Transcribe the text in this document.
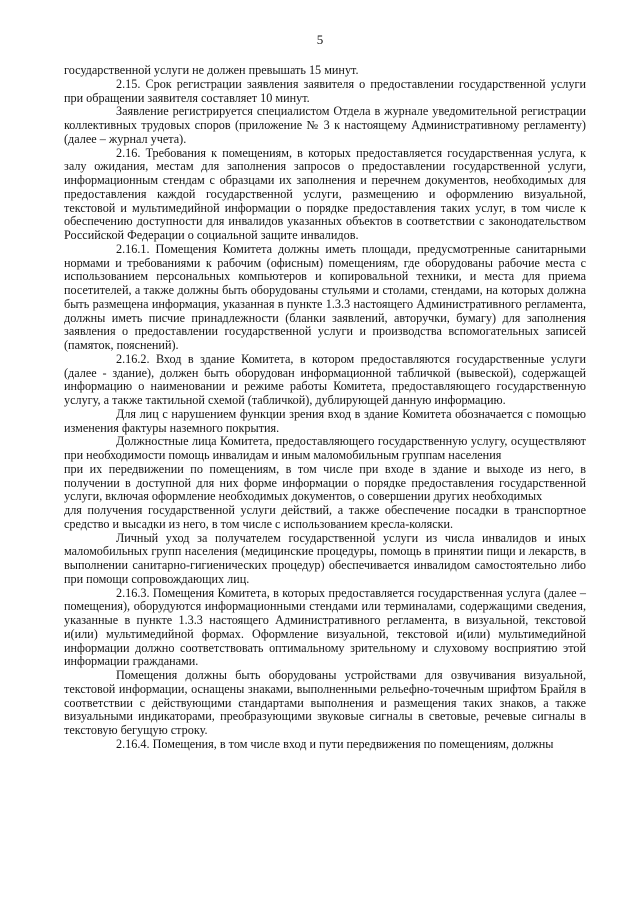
5

государственной услуги не должен превышать 15 минут.

2.15. Срок регистрации заявления заявителя о предоставлении государственной услуги при обращении заявителя составляет 10 минут.

Заявление регистрируется специалистом Отдела в журнале уведомительной регистрации коллективных трудовых споров (приложение № 3 к настоящему Административному регламенту) (далее – журнал учета).

2.16. Требования к помещениям, в которых предоставляется государственная услуга, к залу ожидания, местам для заполнения запросов о предоставлении государственной услуги, информационным стендам с образцами их заполнения и перечнем документов, необходимых для предоставления каждой государственной услуги, размещению и оформлению визуальной, текстовой и мультимедийной информации о порядке предоставления таких услуг, в том числе к обеспечению доступности для инвалидов указанных объектов в соответствии с законодательством Российской Федерации о социальной защите инвалидов.

2.16.1. Помещения Комитета должны иметь площади, предусмотренные санитарными нормами и требованиями к рабочим (офисным) помещениям, где оборудованы рабочие места с использованием персональных компьютеров и копировальной техники, и места для приема посетителей, а также должны быть оборудованы стульями и столами, стендами, на которых должна быть размещена информация, указанная в пункте 1.3.3 настоящего Административного регламента, должны иметь писчие принадлежности (бланки заявлений, авторучки, бумагу) для заполнения заявления о предоставлении государственной услуги и производства вспомогательных записей (памяток, пояснений).

2.16.2. Вход в здание Комитета, в котором предоставляются государственные услуги (далее - здание), должен быть оборудован информационной табличкой (вывеской), содержащей информацию о наименовании и режиме работы Комитета, предоставляющего государственную услугу, а также тактильной схемой (табличкой), дублирующей данную информацию.

Для лиц с нарушением функции зрения вход в здание Комитета обозначается с помощью изменения фактуры наземного покрытия.

Должностные лица Комитета, предоставляющего государственную услугу, осуществляют при необходимости помощь инвалидам и иным маломобильным группам населения

при их передвижении по помещениям, в том числе при входе в здание и выходе из него, в получении в доступной для них форме информации о порядке предоставления государственной услуги, включая оформление необходимых документов, о совершении других необходимых

для получения государственной услуги действий, а также обеспечение посадки в транспортное средство и высадки из него, в том числе с использованием кресла-коляски.

Личный уход за получателем государственной услуги из числа инвалидов и иных маломобильных групп населения (медицинские процедуры, помощь в принятии пищи и лекарств, в выполнении санитарно-гигиенических процедур) обеспечивается инвалидом самостоятельно либо при помощи сопровождающих лиц.

2.16.3. Помещения Комитета, в которых предоставляется государственная услуга (далее – помещения), оборудуются информационными стендами или терминалами, содержащими сведения, указанные в пункте 1.3.3 настоящего Административного регламента, в визуальной, текстовой и(или) мультимедийной формах. Оформление визуальной, текстовой и(или) мультимедийной информации должно соответствовать оптимальному зрительному и слуховому восприятию этой информации гражданами.

Помещения должны быть оборудованы устройствами для озвучивания визуальной, текстовой информации, оснащены знаками, выполненными рельефно-точечным шрифтом Брайля в соответствии с действующими стандартами выполнения и размещения таких знаков, а также визуальными индикаторами, преобразующими звуковые сигналы в световые, речевые сигналы в текстовую бегущую строку.

2.16.4. Помещения, в том числе вход и пути передвижения по помещениям, должны
